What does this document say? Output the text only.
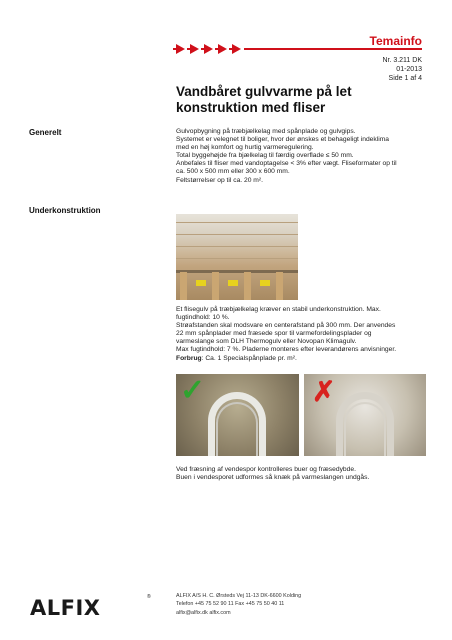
Temainfo
Nr. 3.211 DK
01-2013
Side 1 af 4
Vandbåret gulvvarme på let konstruktion med fliser
Generelt	Gulvopbygning på træbjælkelag med spånplade og gulvgips.

Systemet er velegnet til boliger, hvor der ønskes et behageligt indeklima

med en høj komfort og hurtig varmeregulering.

Total byggehøjde fra bjælkelag til færdig overflade ≤ 50 mm.

Anbefales til fliser med vandoptagelse < 3% efter vægt. Fliseformater op til

ca. 500 x 500 mm eller 300 x 600 mm.

Feltstørrelser op til ca. 20 m².

Underkonstruktion

Et flisegulv på træbjælkelag kræver en stabil underkonstruktion. Max.

fugtindhold: 10 %.

Strøafstanden skal modsvare en centerafstand på 300 mm. Der anvendes

22 mm spånplader med fræsede spor til varmefordelingsplader og

varmeslange som DLH Thermogulv eller Novopan Klimagulv.

Max fugtindhold: 7 %. Pladerne monteres efter leverandørens anvisninger.

Forbrug: Ca. 1 Specialspånplade pr. m².

✓	✗

Ved fræsning af vendespor kontrolleres buer og fræsedybde.

Buen i vendesporet udformes så knæk på varmeslangen undgås.

ALFIX	®	ALFIX A/S H. C. Ørsteds Vej 11-13 DK-6600 Kolding
Telefon +45 75 52 90 11 Fax +45 75 50 40 11
alfix@alfix.dk alfix.com
